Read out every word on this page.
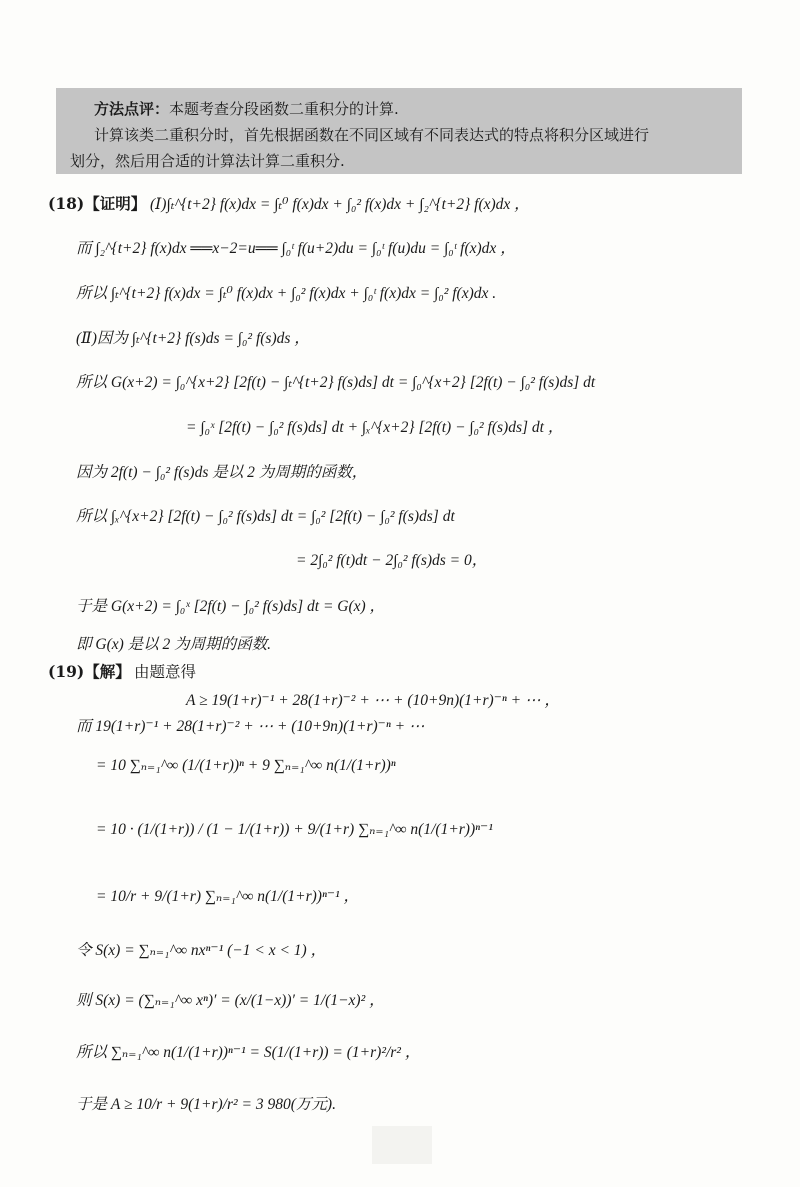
方法点评：本题考查分段函数二重积分的计算.
计算该类二重积分时，首先根据函数在不同区域有不同表达式的特点将积分区域进行
划分，然后用合适的计算法计算二重积分.
(18)【证明】 (Ⅰ)∫ₜ^{t+2} f(x)dx = ∫ₜ⁰ f(x)dx + ∫₀² f(x)dx + ∫₂^{t+2} f(x)dx ，
而 ∫₂^{t+2} f(x)dx ══x−2=u══ ∫₀ᵗ f(u+2)du = ∫₀ᵗ f(u)du = ∫₀ᵗ f(x)dx ，
所以 ∫ₜ^{t+2} f(x)dx = ∫ₜ⁰ f(x)dx + ∫₀² f(x)dx + ∫₀ᵗ f(x)dx = ∫₀² f(x)dx .
(Ⅱ)因为 ∫ₜ^{t+2} f(s)ds = ∫₀² f(s)ds ，
所以 G(x+2) = ∫₀^{x+2} [2f(t) − ∫ₜ^{t+2} f(s)ds] dt = ∫₀^{x+2} [2f(t) − ∫₀² f(s)ds] dt
= ∫₀ˣ [2f(t) − ∫₀² f(s)ds] dt + ∫ₓ^{x+2} [2f(t) − ∫₀² f(s)ds] dt ，
因为 2f(t) − ∫₀² f(s)ds 是以 2 为周期的函数，
所以 ∫ₓ^{x+2} [2f(t) − ∫₀² f(s)ds] dt = ∫₀² [2f(t) − ∫₀² f(s)ds] dt
= 2∫₀² f(t)dt − 2∫₀² f(s)ds = 0，
于是 G(x+2) = ∫₀ˣ [2f(t) − ∫₀² f(s)ds] dt = G(x) ，
即 G(x) 是以 2 为周期的函数.
(19)【解】 由题意得
A ≥ 19(1+r)⁻¹ + 28(1+r)⁻² + ⋯ + (10+9n)(1+r)⁻ⁿ + ⋯ ，
而 19(1+r)⁻¹ + 28(1+r)⁻² + ⋯ + (10+9n)(1+r)⁻ⁿ + ⋯
= 10 ∑ₙ₌₁^∞ (1/(1+r))ⁿ + 9 ∑ₙ₌₁^∞ n(1/(1+r))ⁿ
= 10 · (1/(1+r)) / (1 − 1/(1+r)) + 9/(1+r) ∑ₙ₌₁^∞ n(1/(1+r))ⁿ⁻¹
= 10/r + 9/(1+r) ∑ₙ₌₁^∞ n(1/(1+r))ⁿ⁻¹ ，
令 S(x) = ∑ₙ₌₁^∞ nxⁿ⁻¹ (−1 < x < 1) ，
则 S(x) = (∑ₙ₌₁^∞ xⁿ)′ = (x/(1−x))′ = 1/(1−x)² ，
所以 ∑ₙ₌₁^∞ n(1/(1+r))ⁿ⁻¹ = S(1/(1+r)) = (1+r)²/r² ，
于是 A ≥ 10/r + 9(1+r)/r² = 3 980(万元).
